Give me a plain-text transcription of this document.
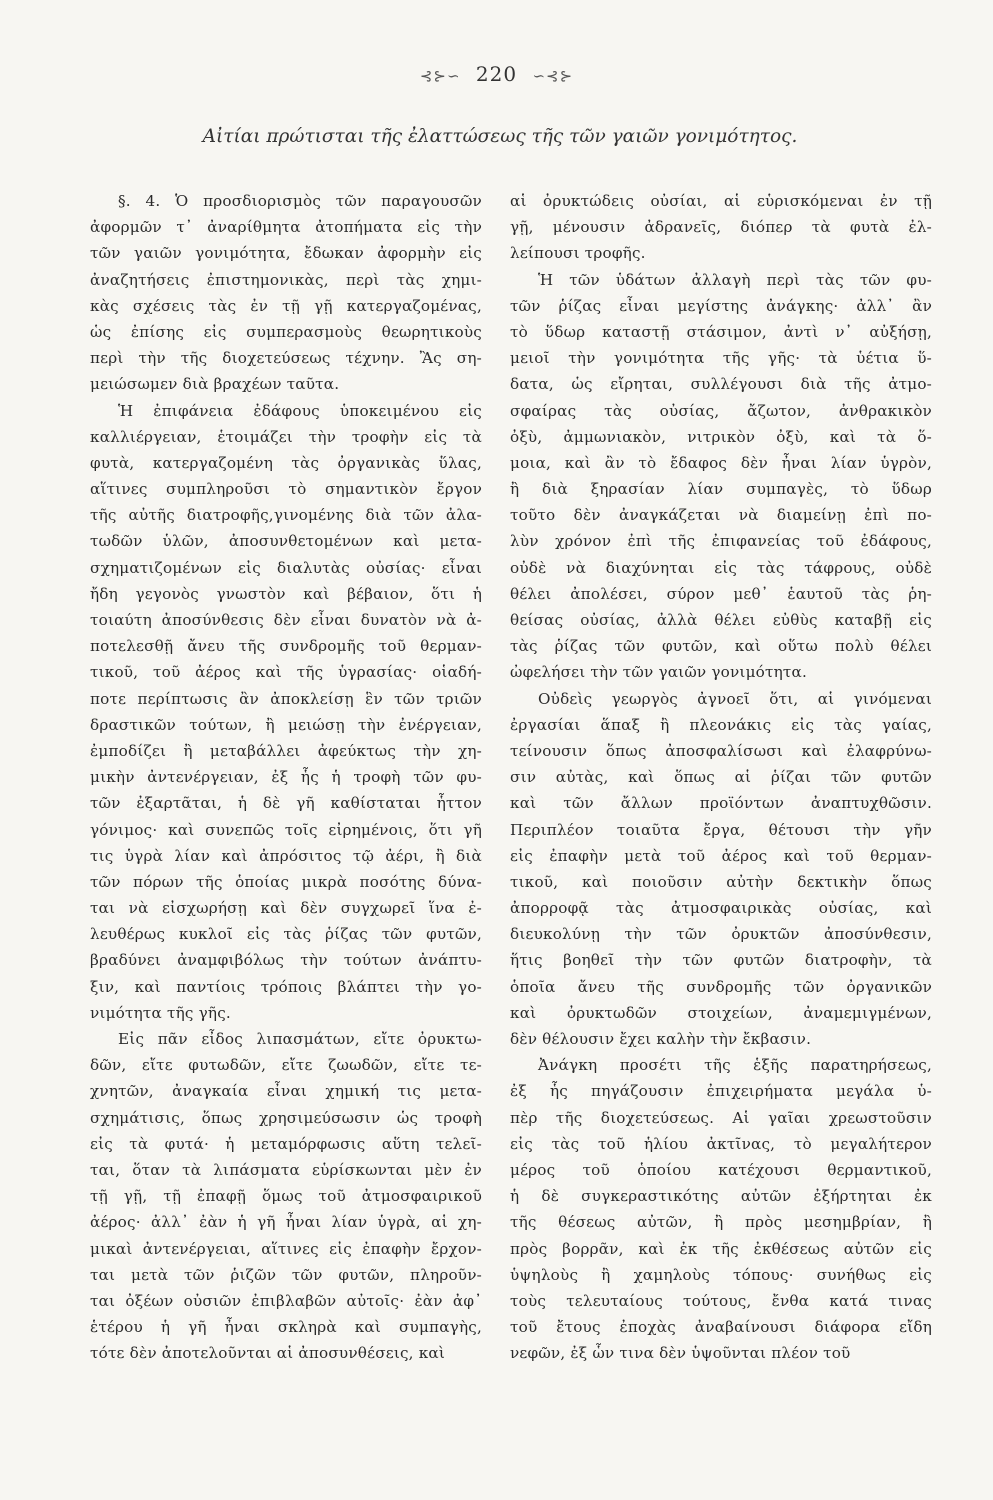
⊰⊱∽ 220 ∽⊰⊱
Αἰτίαι πρώτισται τῆς ἐλαττώσεως τῆς τῶν γαιῶν γονιμότητος.
§. 4. Ὁ προσδιορισμὸς τῶν παραγουσῶν
ἀφορμῶν τ᾽ ἀναρίθμητα ἀτοπήματα εἰς τὴν
τῶν γαιῶν γονιμότητα, ἔδωκαν ἀφορμὴν εἰς
ἀναζητήσεις ἐπιστημονικὰς, περὶ τὰς χημι-
κὰς σχέσεις τὰς ἐν τῇ γῇ κατεργαζομένας,
ὡς ἐπίσης εἰς συμπερασμοὺς θεωρητικοὺς
περὶ τὴν τῆς διοχετεύσεως τέχνην. Ἂς ση-
μειώσωμεν διὰ βραχέων ταῦτα.
Ἡ ἐπιφάνεια ἐδάφους ὑποκειμένου εἰς
καλλιέργειαν, ἑτοιμάζει τὴν τροφὴν εἰς τὰ
φυτὰ, κατεργαζομένη τὰς ὀργανικὰς ὕλας,
αἵτινες συμπληροῦσι τὸ σημαντικὸν ἔργον
τῆς αὐτῆς διατροφῆς,γινομένης διὰ τῶν ἀλα-
τωδῶν ὑλῶν, ἀποσυνθετομένων καὶ μετα-
σχηματιζομένων εἰς διαλυτὰς οὐσίας· εἶναι
ἤδη γεγονὸς γνωστὸν καὶ βέβαιον, ὅτι ἡ
τοιαύτη ἀποσύνθεσις δὲν εἶναι δυνατὸν νὰ ἀ-
ποτελεσθῇ ἄνευ τῆς συνδρομῆς τοῦ θερμαν-
τικοῦ, τοῦ ἀέρος καὶ τῆς ὑγρασίας· οἱαδή-
ποτε περίπτωσις ἂν ἀποκλείσῃ ἓν τῶν τριῶν
δραστικῶν τούτων, ἢ μειώσῃ τὴν ἐνέργειαν,
ἐμποδίζει ἢ μεταβάλλει ἀφεύκτως τὴν χη-
μικὴν ἀντενέργειαν, ἐξ ἧς ἡ τροφὴ τῶν φυ-
τῶν ἐξαρτᾶται, ἡ δὲ γῆ καθίσταται ἧττον
γόνιμος· καὶ συνεπῶς τοῖς εἰρημένοις, ὅτι γῆ
τις ὑγρὰ λίαν καὶ ἀπρόσιτος τῷ ἀέρι, ἢ διὰ
τῶν πόρων τῆς ὁποίας μικρὰ ποσότης δύνα-
ται νὰ εἰσχωρήσῃ καὶ δὲν συγχωρεῖ ἵνα ἐ-
λευθέρως κυκλοῖ εἰς τὰς ῥίζας τῶν φυτῶν,
βραδύνει ἀναμφιβόλως τὴν τούτων ἀνάπτυ-
ξιν, καὶ παντίοις τρόποις βλάπτει τὴν γο-
νιμότητα τῆς γῆς.
Εἰς πᾶν εἶδος λιπασμάτων, εἴτε ὀρυκτω-
δῶν, εἴτε φυτωδῶν, εἴτε ζωωδῶν, εἴτε τε-
χνητῶν, ἀναγκαία εἶναι χημική τις μετα-
σχημάτισις, ὅπως χρησιμεύσωσιν ὡς τροφὴ
εἰς τὰ φυτά· ἡ μεταμόρφωσις αὕτη τελεῖ-
ται, ὅταν τὰ λιπάσματα εὑρίσκωνται μὲν ἐν
τῇ γῇ, τῇ ἐπαφῇ ὅμως τοῦ ἀτμοσφαιρικοῦ
ἀέρος· ἀλλ᾽ ἐὰν ἡ γῆ ἦναι λίαν ὑγρὰ, αἱ χη-
μικαὶ ἀντενέργειαι, αἵτινες εἰς ἐπαφὴν ἔρχον-
ται μετὰ τῶν ῥιζῶν τῶν φυτῶν, πληροῦν-
ται ὀξέων οὐσιῶν ἐπιβλαβῶν αὐτοῖς· ἐὰν ἀφ᾽
ἑτέρου ἡ γῆ ἦναι σκληρὰ καὶ συμπαγὴς,
τότε δὲν ἀποτελοῦνται αἱ ἀποσυνθέσεις, καὶ
αἱ ὀρυκτώδεις οὐσίαι, αἱ εὑρισκόμεναι ἐν τῇ
γῇ, μένουσιν ἀδρανεῖς, διόπερ τὰ φυτὰ ἐλ-
λείπουσι τροφῆς.
Ἡ τῶν ὑδάτων ἀλλαγὴ περὶ τὰς τῶν φυ-
τῶν ῥίζας εἶναι μεγίστης ἀνάγκης· ἀλλ᾽ ἂν
τὸ ὕδωρ καταστῇ στάσιμον, ἀντὶ ν᾽ αὐξήσῃ,
μειοῖ τὴν γονιμότητα τῆς γῆς· τὰ ὑέτια ὕ-
δατα, ὡς εἴρηται, συλλέγουσι διὰ τῆς ἀτμο-
σφαίρας τὰς οὐσίας, ἄζωτον, ἀνθρακικὸν
ὀξὺ, ἀμμωνιακὸν, νιτρικὸν ὀξὺ, καὶ τὰ ὅ-
μοια, καὶ ἂν τὸ ἔδαφος δὲν ἦναι λίαν ὑγρὸν,
ἢ διὰ ξηρασίαν λίαν συμπαγὲς, τὸ ὕδωρ
τοῦτο δὲν ἀναγκάζεται νὰ διαμείνῃ ἐπὶ πο-
λὺν χρόνον ἐπὶ τῆς ἐπιφανείας τοῦ ἐδάφους,
οὐδὲ νὰ διαχύνηται εἰς τὰς τάφρους, οὐδὲ
θέλει ἀπολέσει, σύρον μεθ᾽ ἑαυτοῦ τὰς ῥη-
θείσας οὐσίας, ἀλλὰ θέλει εὐθὺς καταβῇ εἰς
τὰς ῥίζας τῶν φυτῶν, καὶ οὕτω πολὺ θέλει
ὠφελήσει τὴν τῶν γαιῶν γονιμότητα.
Οὐδεὶς γεωργὸς ἀγνοεῖ ὅτι, αἱ γινόμεναι
ἐργασίαι ἅπαξ ἢ πλεονάκις εἰς τὰς γαίας,
τείνουσιν ὅπως ἀποσφαλίσωσι καὶ ἐλαφρύνω-
σιν αὐτὰς, καὶ ὅπως αἱ ῥίζαι τῶν φυτῶν
καὶ τῶν ἄλλων προϊόντων ἀναπτυχθῶσιν.
Περιπλέον τοιαῦτα ἔργα, θέτουσι τὴν γῆν
εἰς ἐπαφὴν μετὰ τοῦ ἀέρος καὶ τοῦ θερμαν-
τικοῦ, καὶ ποιοῦσιν αὐτὴν δεκτικὴν ὅπως
ἀπορροφᾷ τὰς ἀτμοσφαιρικὰς οὐσίας, καὶ
διευκολύνῃ τὴν τῶν ὀρυκτῶν ἀποσύνθεσιν,
ἥτις βοηθεῖ τὴν τῶν φυτῶν διατροφὴν, τὰ
ὁποῖα ἄνευ τῆς συνδρομῆς τῶν ὀργανικῶν
καὶ ὀρυκτωδῶν στοιχείων, ἀναμεμιγμένων,
δὲν θέλουσιν ἔχει καλὴν τὴν ἔκβασιν.
Ἀνάγκη προσέτι τῆς ἑξῆς παρατηρήσεως,
ἐξ ἧς πηγάζουσιν ἐπιχειρήματα μεγάλα ὑ-
πὲρ τῆς διοχετεύσεως. Αἱ γαῖαι χρεωστοῦσιν
εἰς τὰς τοῦ ἡλίου ἀκτῖνας, τὸ μεγαλήτερον
μέρος τοῦ ὁποίου κατέχουσι θερμαντικοῦ,
ἡ δὲ συγκεραστικότης αὐτῶν ἐξήρτηται ἐκ
τῆς θέσεως αὐτῶν, ἢ πρὸς μεσημβρίαν, ἢ
πρὸς βορρᾶν, καὶ ἐκ τῆς ἐκθέσεως αὐτῶν εἰς
ὑψηλοὺς ἢ χαμηλοὺς τόπους· συνήθως εἰς
τοὺς τελευταίους τούτους, ἔνθα κατά τινας
τοῦ ἔτους ἐποχὰς ἀναβαίνουσι διάφορα εἴδη
νεφῶν, ἐξ ὧν τινα δὲν ὑψοῦνται πλέον τοῦ
